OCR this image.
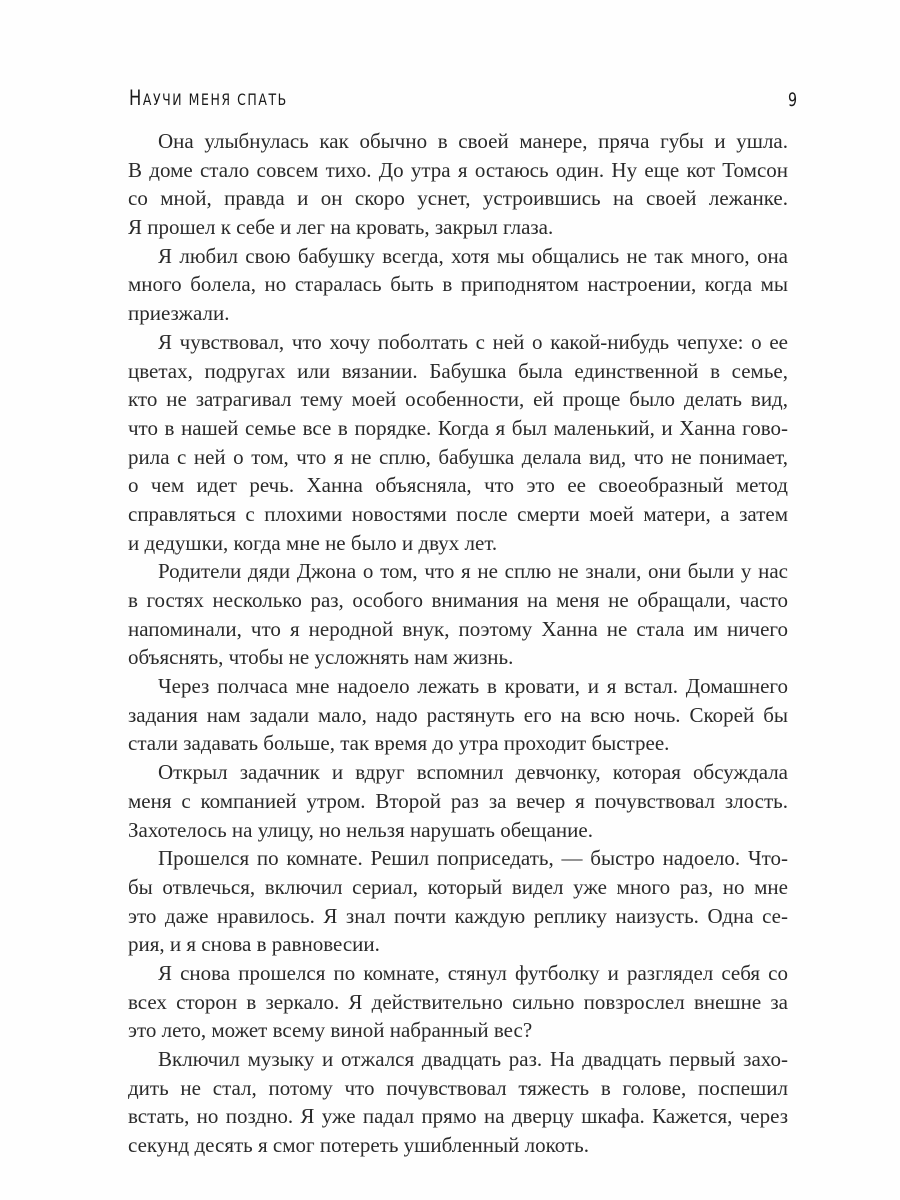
НАУЧИ МЕНЯ СПАТЬ	9
Она улыбнулась как обычно в своей манере, пряча губы и ушла.
В доме стало совсем тихо. До утра я остаюсь один. Ну еще кот Томсон
со мной, правда и он скоро уснет, устроившись на своей лежанке.
Я прошел к себе и лег на кровать, закрыл глаза.
Я любил свою бабушку всегда, хотя мы общались не так много, она
много болела, но старалась быть в приподнятом настроении, когда мы
приезжали.
Я чувствовал, что хочу поболтать с ней о какой-нибудь чепухе: о ее
цветах, подругах или вязании. Бабушка была единственной в семье,
кто не затрагивал тему моей особенности, ей проще было делать вид,
что в нашей семье все в порядке. Когда я был маленький, и Ханна гово-
рила с ней о том, что я не сплю, бабушка делала вид, что не понимает,
о чем идет речь. Ханна объясняла, что это ее своеобразный метод
справляться с плохими новостями после смерти моей матери, а затем
и дедушки, когда мне не было и двух лет.
Родители дяди Джона о том, что я не сплю не знали, они были у нас
в гостях несколько раз, особого внимания на меня не обращали, часто
напоминали, что я неродной внук, поэтому Ханна не стала им ничего
объяснять, чтобы не усложнять нам жизнь.
Через полчаса мне надоело лежать в кровати, и я встал. Домашнего
задания нам задали мало, надо растянуть его на всю ночь. Скорей бы
стали задавать больше, так время до утра проходит быстрее.
Открыл задачник и вдруг вспомнил девчонку, которая обсуждала
меня с компанией утром. Второй раз за вечер я почувствовал злость.
Захотелось на улицу, но нельзя нарушать обещание.
Прошелся по комнате. Решил поприседать, — быстро надоело. Что-
бы отвлечься, включил сериал, который видел уже много раз, но мне
это даже нравилось. Я знал почти каждую реплику наизусть. Одна се-
рия, и я снова в равновесии.
Я снова прошелся по комнате, стянул футболку и разглядел себя со
всех сторон в зеркало. Я действительно сильно повзрослел внешне за
это лето, может всему виной набранный вес?
Включил музыку и отжался двадцать раз. На двадцать первый захо-
дить не стал, потому что почувствовал тяжесть в голове, поспешил
встать, но поздно. Я уже падал прямо на дверцу шкафа. Кажется, через
секунд десять я смог потереть ушибленный локоть.
